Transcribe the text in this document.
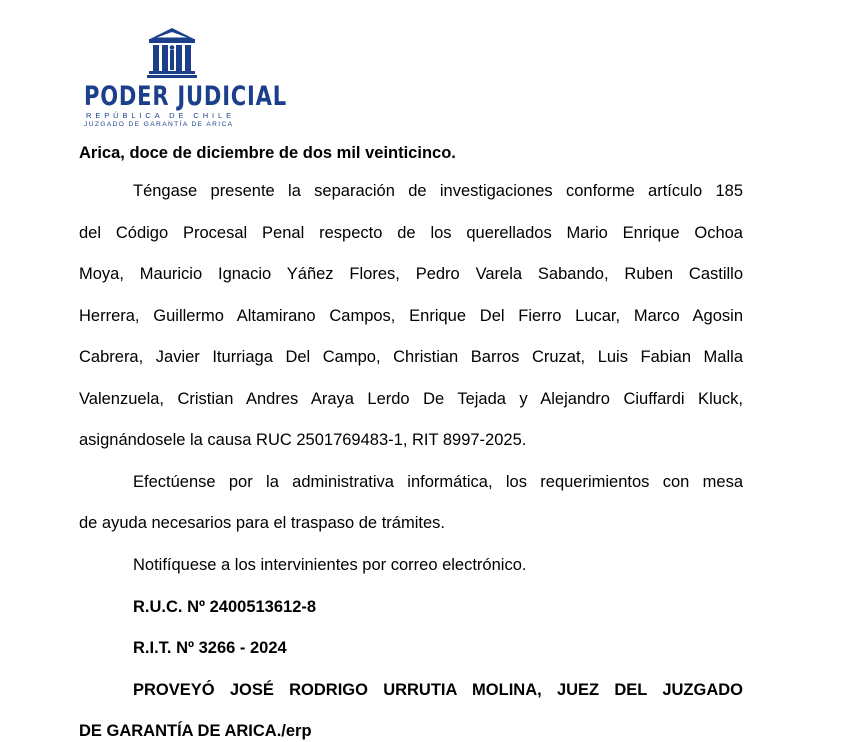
PODER JUDICIAL
REPÚBLICA DE CHILE
JUZGADO DE GARANTÍA DE ARICA
Arica, doce de diciembre de dos mil veinticinco.
Téngase presente la separación de investigaciones conforme artículo 185
del Código Procesal Penal respecto de los querellados Mario Enrique Ochoa
Moya, Mauricio Ignacio Yáñez Flores, Pedro Varela Sabando, Ruben Castillo
Herrera, Guillermo Altamirano Campos, Enrique Del Fierro Lucar, Marco Agosin
Cabrera, Javier Iturriaga Del Campo, Christian Barros Cruzat, Luis Fabian Malla
Valenzuela, Cristian Andres Araya Lerdo De Tejada y Alejandro Ciuffardi Kluck,
asignándosele la causa RUC 2501769483-1, RIT 8997-2025.
Efectúense por la administrativa informática, los requerimientos con mesa
de ayuda necesarios para el traspaso de trámites.
Notifíquese a los intervinientes por correo electrónico.
R.U.C. Nº 2400513612-8
R.I.T. Nº 3266 - 2024
PROVEYÓ JOSÉ RODRIGO URRUTIA MOLINA, JUEZ DEL JUZGADO
DE GARANTÍA DE ARICA./erp
